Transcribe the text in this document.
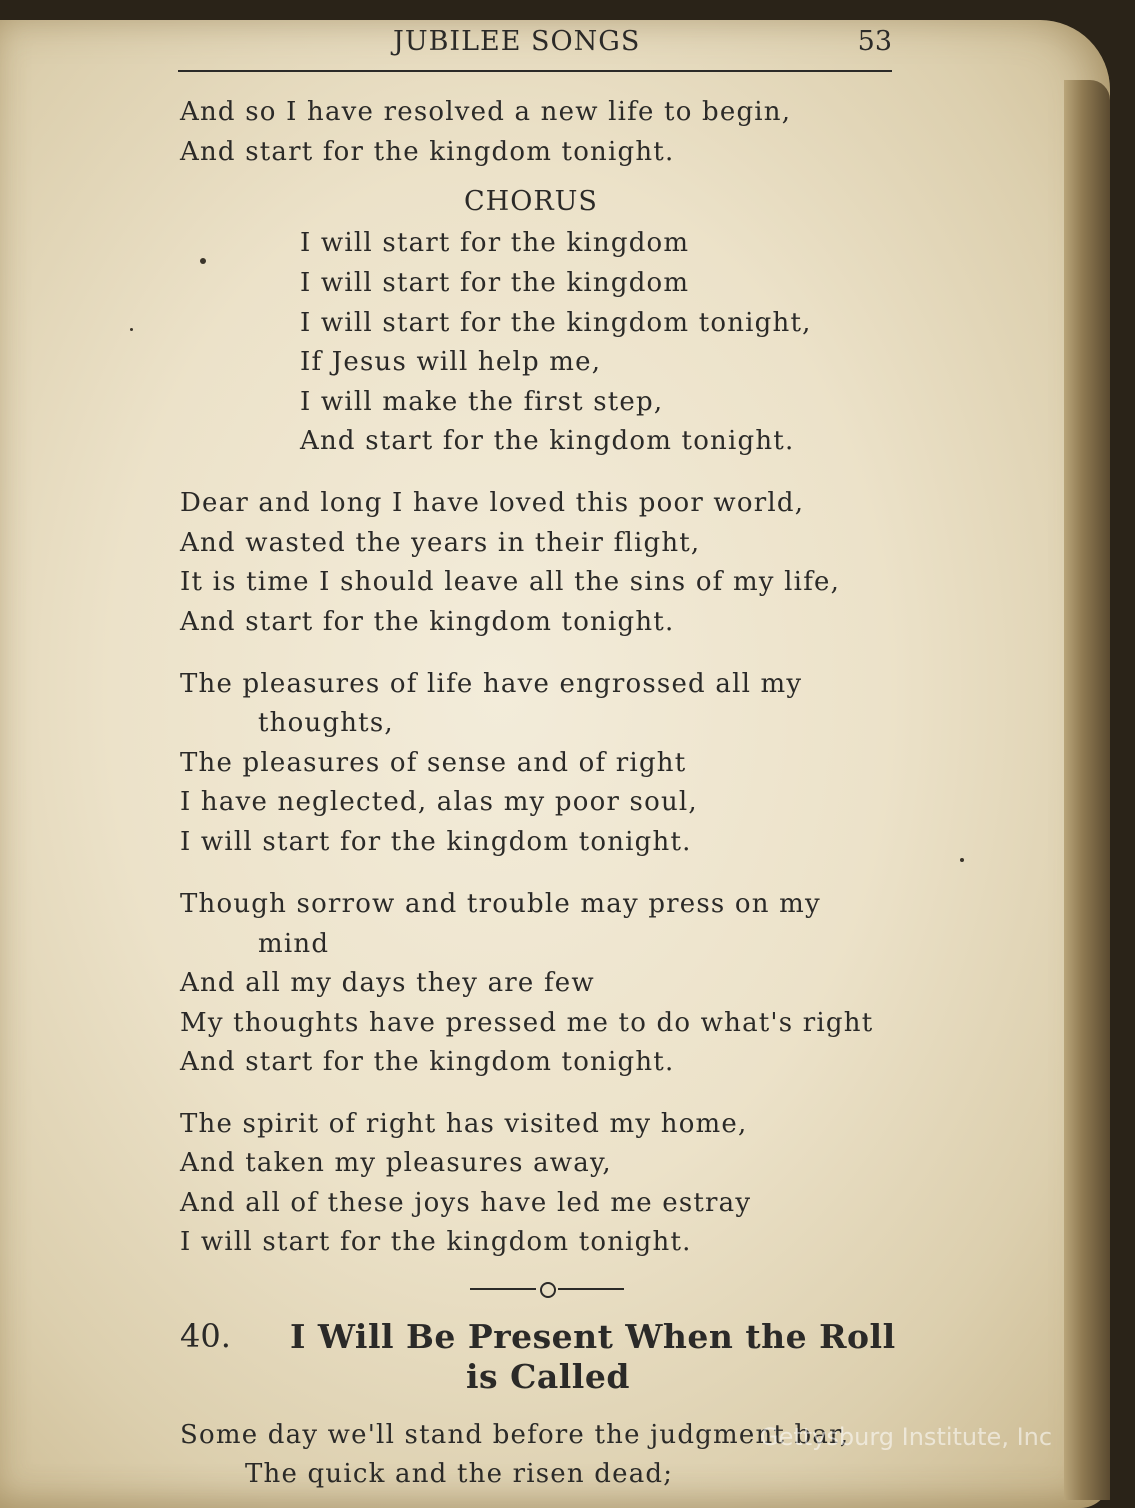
JUBILEE SONGS	53
And so I have resolved a new life to begin,
And start for the kingdom tonight.
CHORUS
I will start for the kingdom
I will start for the kingdom
I will start for the kingdom tonight,
If Jesus will help me,
I will make the first step,
And start for the kingdom tonight.
Dear and long I have loved this poor world,
And wasted the years in their flight,
It is time I should leave all the sins of my life,
And start for the kingdom tonight.
The pleasures of life have engrossed all my
thoughts,
The pleasures of sense and of right
I have neglected, alas my poor soul,
I will start for the kingdom tonight.
Though sorrow and trouble may press on my
mind
And all my days they are few
My thoughts have pressed me to do what's right
And start for the kingdom tonight.
The spirit of right has visited my home,
And taken my pleasures away,
And all of these joys have led me estray
I will start for the kingdom tonight.
40. I Will Be Present When the Roll
is Called
Some day we'll stand before the judgment bar,
The quick and the risen dead;
Gettysburg Institute, Inc
